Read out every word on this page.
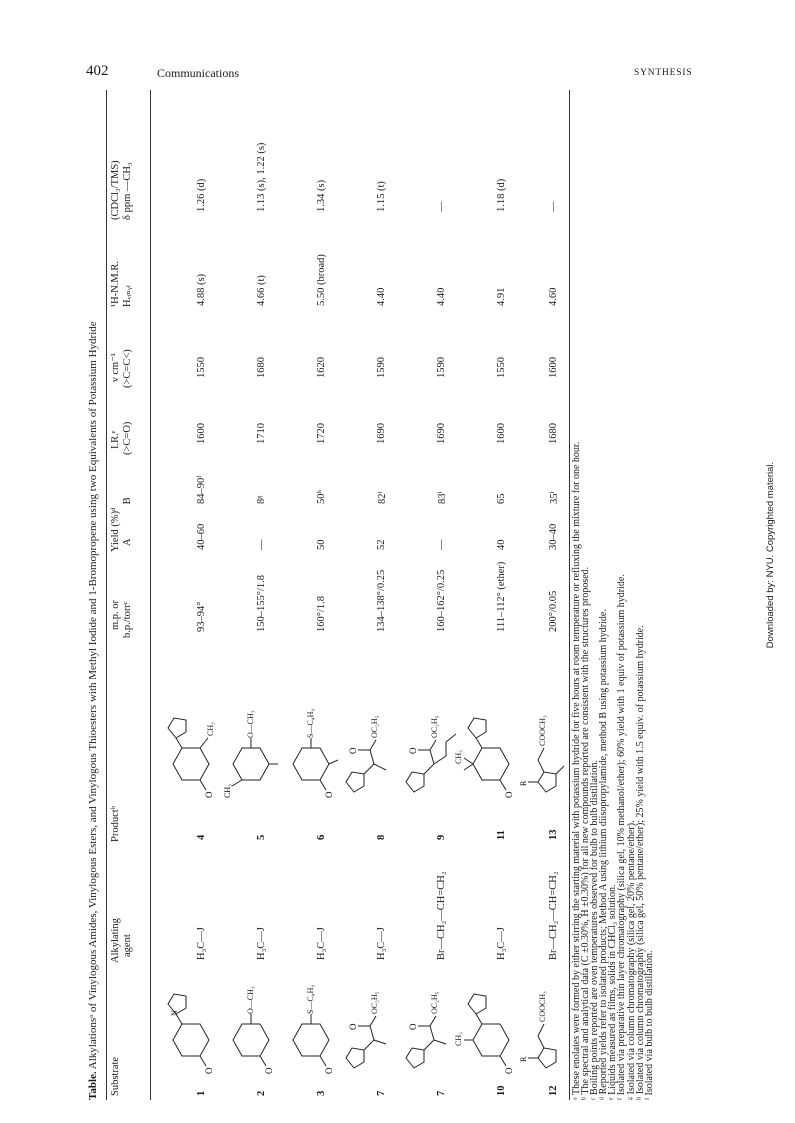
402	Communications	SYNTHESIS
Downloaded by: NYU. Copyrighted material.
Table. Alkylationsᵃ of Vinylogous Amides, Vinylogous Esters, and Vinylogous Thioesters with Methyl Iodide and 1-Bromopropene using two Equivalents of Potassium Hydride
Substrate
Alkylating agent
Productᵇ
m.p. or b.p./torrᶜ
Yield (%)ᵈ AB
I.R.ᵉ (>C=O)
ν cm⁻¹ (>C=C<)
¹H-N.M.R. Hᵥᵢₙᵧₗ
(CDCl₃/TMS) δ ppm —CH₃
1
O
N
H₃C—J
4
O
CH₃
93–94°
40–60
84–90ᶠ
1600
1550
4.88 (s)
1.26 (d)
2
O
O—CH₃
H₃C—J
5
CH₃
O—CH₃
150–155°/1.8
—
8ᵍ
1710
1680
4.66 (t)
1.13 (s), 1.22 (s)
3
O
S—C₄H₉
H₃C—J
6
O
S—C₄H₉
160°/1.8
50
50ʰ
1720
1620
5.50 (broad)
1.34 (s)
7
O
OC₂H₅
H₃C—J
8
O
OC₂H₅
134–138°/0.25
52
82ⁱ
1690
1590
4.40
1.15 (t)
7
O
OC₂H₅
Br—CH₂—CH=CH₂
9
O
OC₂H₅
160–162°/0.25
—
83ⁱ
1690
1590
4.40
—
10
O
CH₃
H₃C—J
11
O
CH₃
111–112° (ether)
40
65
1600
1550
4.91
1.18 (d)
12
R
COOCH₃
Br—CH₂—CH=CH₂
13
R
COOCH₃
200°/0.05
30–40
35ⁱ
1680
1600
4.60
—
ᵃ These enolates were formed by either stirring the starting material with potassium hydride for five hours at room temperature or refluxing the mixture for one hour.
ᵇ The spectral and analytical data (C ±0.30%, H ±0.30%) for all new compounds reported are consistent with the structures proposed.
ᶜ Boiling points reported are oven temperatures observed for bulb to bulb distillation.
ᵈ Reported yields refer to isolated products; Method A using lithium diisopropylamide, method B using potassium hydride.
ᵉ Liquids measured as films, solids in CHCl₃ solution.
ᶠ Isolated via preparative thin layer chromatography (silica gel, 10% methanol/ether); 60% yield with 1 equiv of potassium hydride.
ᵍ Isolated via column chromatography (silica gel, 20% pentane/ether).
ʰ Isolated via column chromatography (silica gel, 50% pentane/ether); 25% yield with 1.5 equiv. of potassium hydride.
ⁱ Isolated via bulb to bulb distillation.
